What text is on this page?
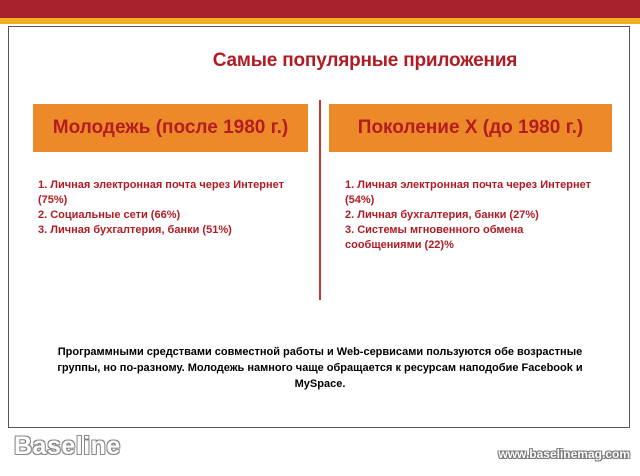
Самые популярные приложения
Молодежь (после 1980 г.)	Поколение Х (до 1980 г.)
1. Личная электронная почта через Интернет (75%)
2. Социальные сети (66%)
3. Личная бухгалтерия, банки (51%)
1. Личная электронная почта через Интернет (54%)
2. Личная бухгалтерия, банки (27%)
3. Системы мгновенного обмена сообщениями (22)%
Программными средствами совместной работы и Web-сервисами пользуются обе возрастные группы, но по-разному. Молодежь намного чаще обращается к ресурсам наподобие Facebook и MySpace.
Baseline	www.baselinemag.com
